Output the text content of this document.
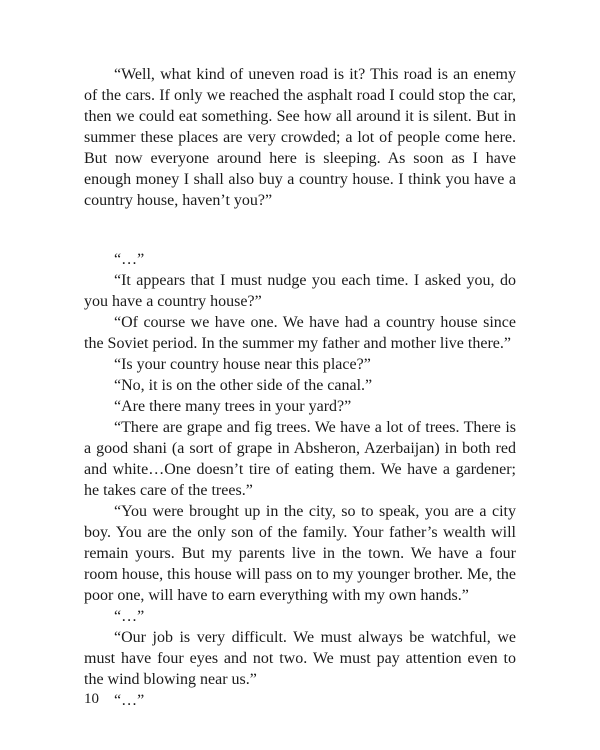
“Well, what kind of uneven road is it? This road is an enemy of the cars. If only we reached the asphalt road I could stop the car, then we could eat something. See how all around it is silent. But in summer these places are very crowded; a lot of people come here. But now everyone around here is sleeping. As soon as I have enough money I shall also buy a country house. I think you have a country house, haven’t you?”

“…”

“It appears that I must nudge you each time. I asked you, do you have a country house?”

“Of course we have one. We have had a country house since the Soviet period. In the summer my father and mother live there.”

“Is your country house near this place?”

“No, it is on the other side of the canal.”

“Are there many trees in your yard?”

“There are grape and fig trees. We have a lot of trees. There is a good shani (a sort of grape in Absheron, Azerbaijan) in both red and white…One doesn’t tire of eating them. We have a gardener; he takes care of the trees.”

“You were brought up in the city, so to speak, you are a city boy. You are the only son of the family. Your father’s wealth will remain yours. But my parents live in the town. We have a four room house, this house will pass on to my younger brother. Me, the poor one, will have to earn everything with my own hands.”

“…”

“Our job is very difficult. We must always be watchful, we must have four eyes and not two. We must pay attention even to the wind blowing near us.”

“…”

10
